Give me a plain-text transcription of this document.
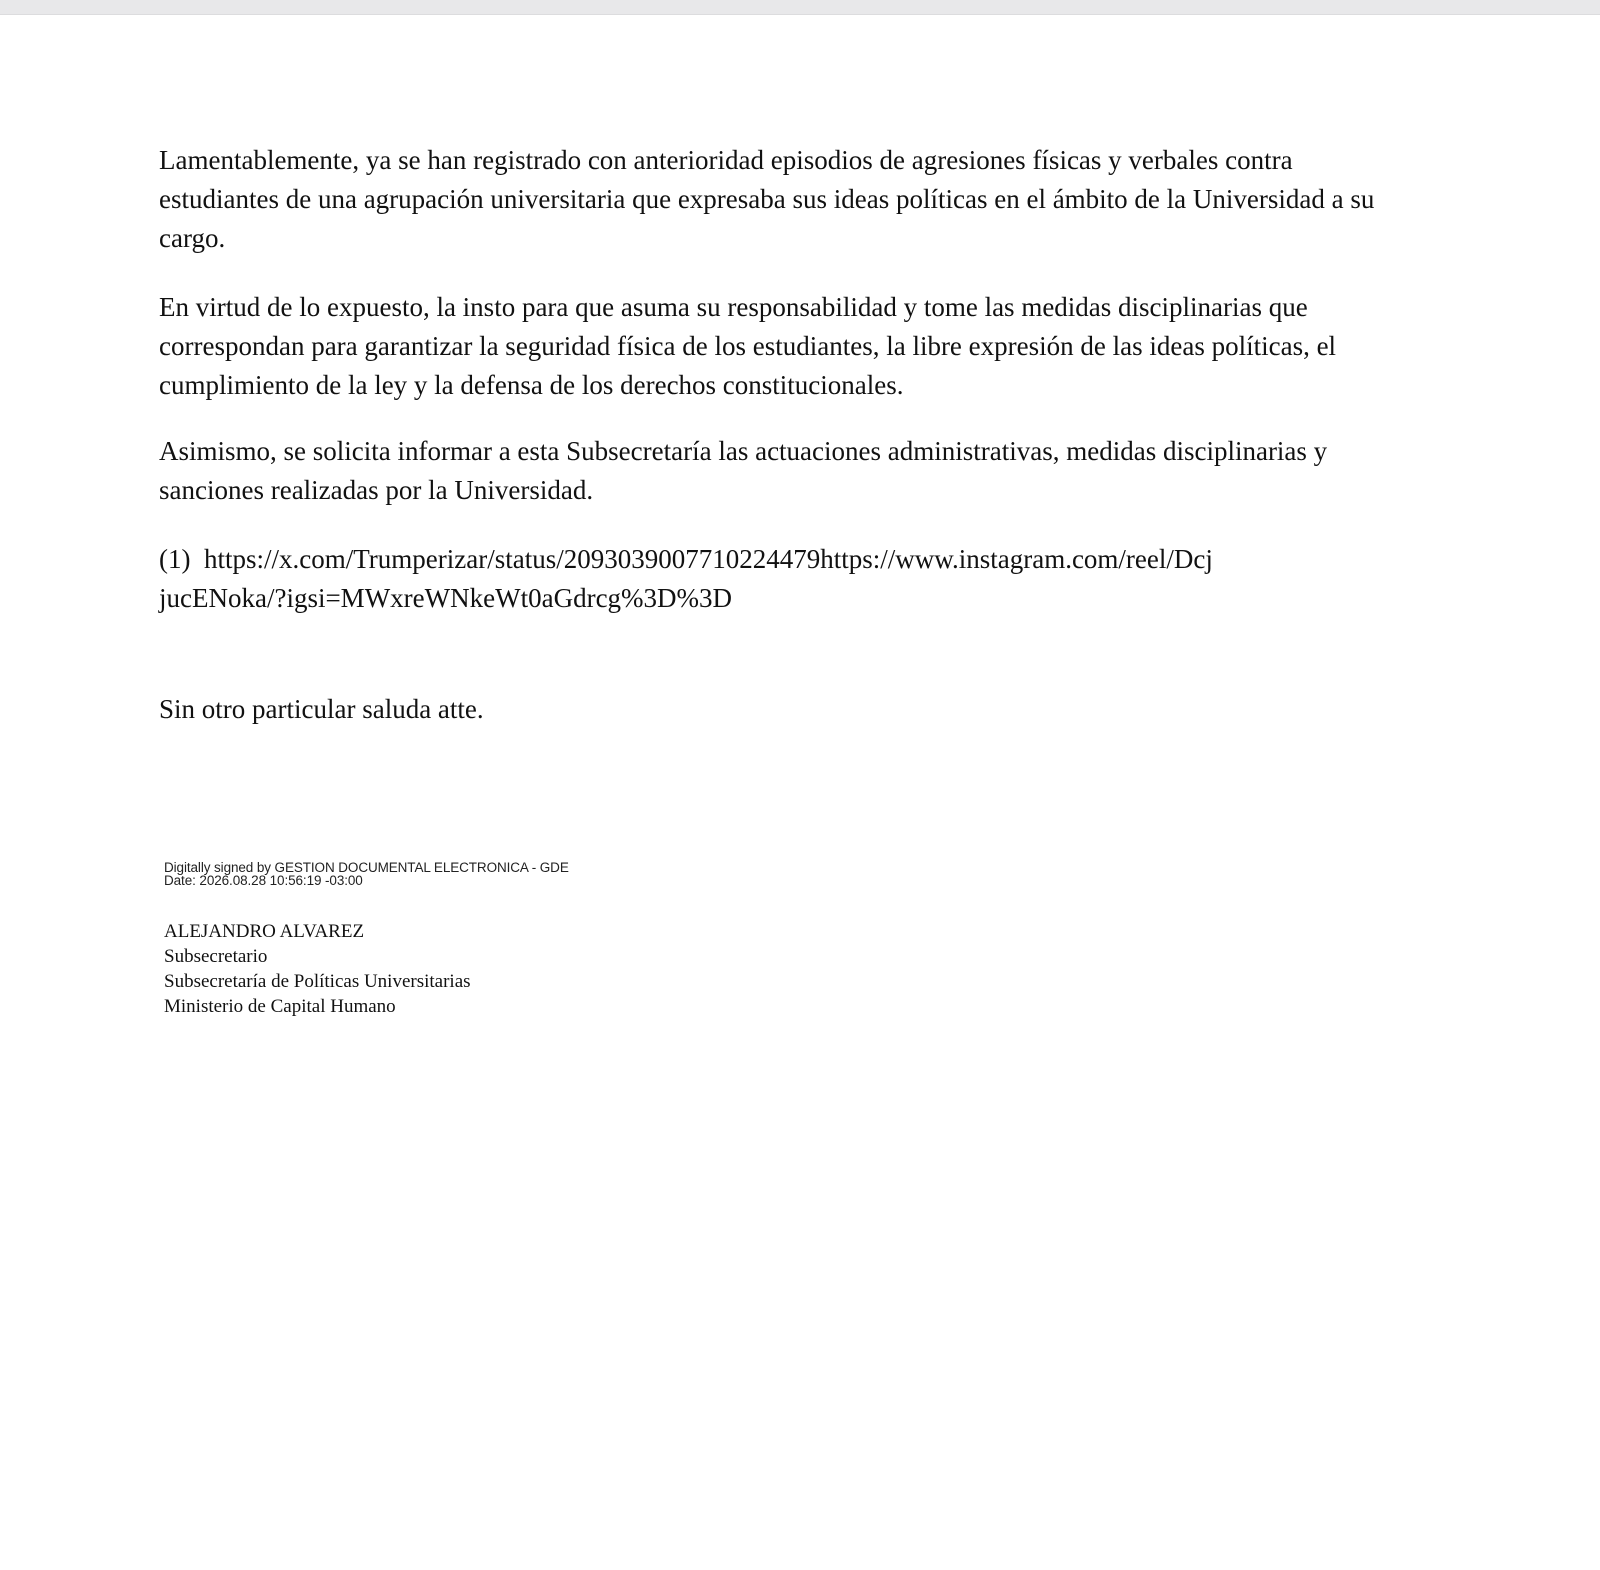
Lamentablemente, ya se han registrado con anterioridad episodios de agresiones físicas y verbales contra
estudiantes de una agrupación universitaria que expresaba sus ideas políticas en el ámbito de la Universidad a su
cargo.
En virtud de lo expuesto, la insto para que asuma su responsabilidad y tome las medidas disciplinarias que
correspondan para garantizar la seguridad física de los estudiantes, la libre expresión de las ideas políticas, el
cumplimiento de la ley y la defensa de los derechos constitucionales.
Asimismo, se solicita informar a esta Subsecretaría las actuaciones administrativas, medidas disciplinarias y
sanciones realizadas por la Universidad.
(1) https://x.com/Trumperizar/status/2093039007710224479https://www.instagram.com/reel/Dcj
jucENoka/?igsi=MWxreWNkeWt0aGdrcg%3D%3D
Sin otro particular saluda atte.
Digitally signed by GESTION DOCUMENTAL ELECTRONICA - GDE
Date: 2026.08.28 10:56:19 -03:00
ALEJANDRO ALVAREZ
Subsecretario
Subsecretaría de Políticas Universitarias
Ministerio de Capital Humano
